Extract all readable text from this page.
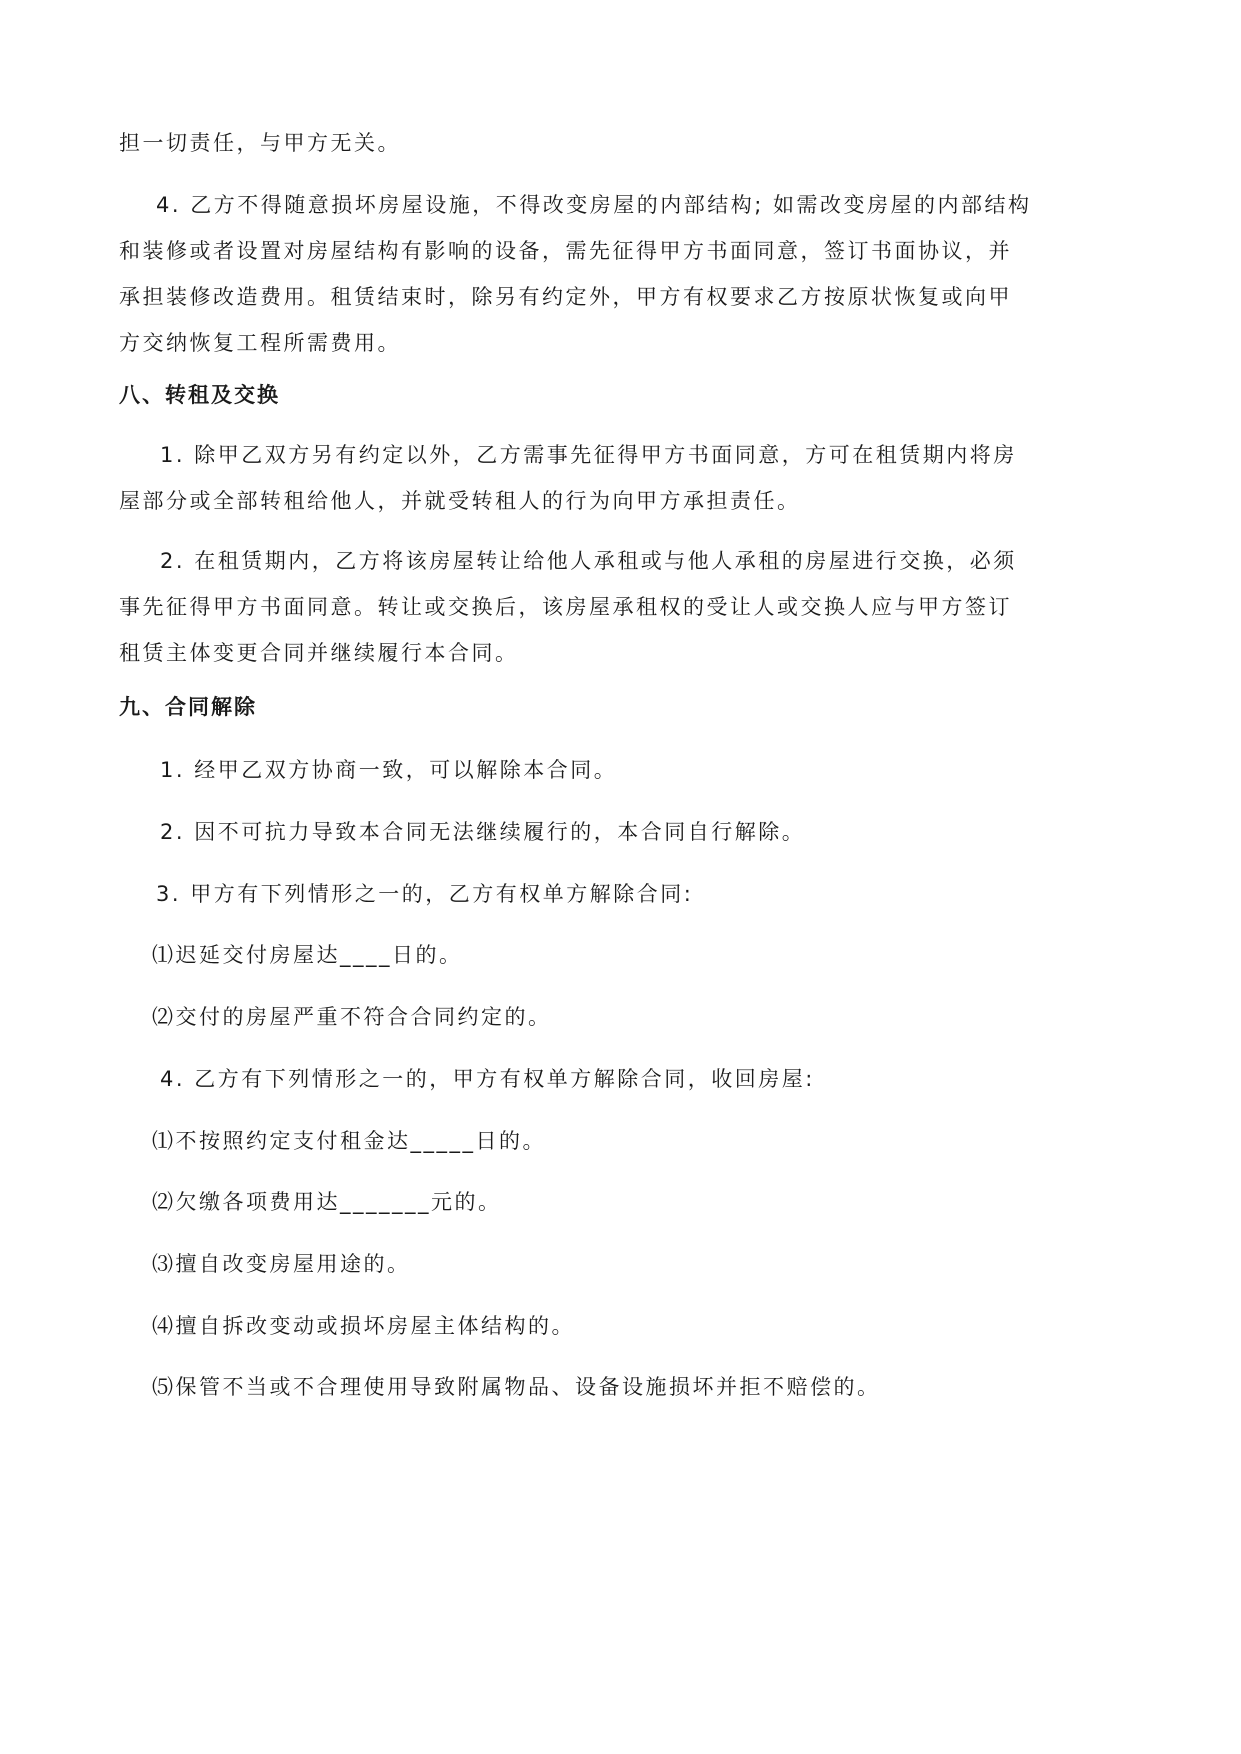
担一切责任，与甲方无关。
4. 乙方不得随意损坏房屋设施，不得改变房屋的内部结构; 如需改变房屋的内部结构
和装修或者设置对房屋结构有影响的设备，需先征得甲方书面同意，签订书面协议，并
承担装修改造费用。租赁结束时，除另有约定外，甲方有权要求乙方按原状恢复或向甲
方交纳恢复工程所需费用。
八、转租及交换
1. 除甲乙双方另有约定以外，乙方需事先征得甲方书面同意，方可在租赁期内将房
屋部分或全部转租给他人，并就受转租人的行为向甲方承担责任。
2. 在租赁期内，乙方将该房屋转让给他人承租或与他人承租的房屋进行交换，必须
事先征得甲方书面同意。转让或交换后，该房屋承租权的受让人或交换人应与甲方签订
租赁主体变更合同并继续履行本合同。
九、合同解除
1. 经甲乙双方协商一致，可以解除本合同。
2. 因不可抗力导致本合同无法继续履行的，本合同自行解除。
3. 甲方有下列情形之一的，乙方有权单方解除合同:
⑴迟延交付房屋达____日的。
⑵交付的房屋严重不符合合同约定的。
4. 乙方有下列情形之一的，甲方有权单方解除合同，收回房屋:
⑴不按照约定支付租金达_____日的。
⑵欠缴各项费用达_______元的。
⑶擅自改变房屋用途的。
⑷擅自拆改变动或损坏房屋主体结构的。
⑸保管不当或不合理使用导致附属物品、设备设施损坏并拒不赔偿的。
